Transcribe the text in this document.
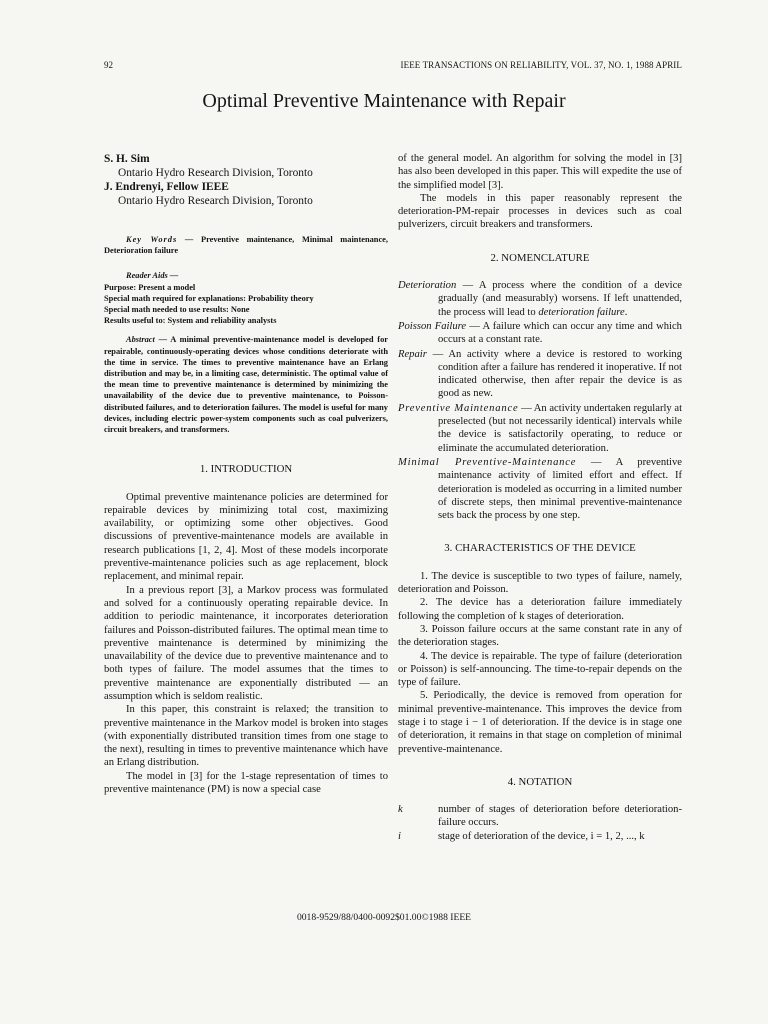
92	IEEE TRANSACTIONS ON RELIABILITY, VOL. 37, NO. 1, 1988 APRIL
Optimal Preventive Maintenance with Repair
S. H. Sim
Ontario Hydro Research Division, Toronto
J. Endrenyi, Fellow IEEE
Ontario Hydro Research Division, Toronto

Key Words — Preventive maintenance, Minimal maintenance, Deterioration failure

Reader Aids —
Purpose: Present a model
Special math required for explanations: Probability theory
Special math needed to use results: None
Results useful to: System and reliability analysts

Abstract — A minimal preventive-maintenance model is developed for repairable, continuously-operating devices whose conditions deteriorate with the time in service. The times to preventive maintenance have an Erlang distribution and may be, in a limiting case, deterministic. The optimal value of the mean time to preventive maintenance is determined by minimizing the unavailability of the device due to preventive maintenance, to Poisson-distributed failures, and to deterioration failures. The model is useful for many devices, including electric power-system components such as coal pulverizers, circuit breakers, and transformers.

1. INTRODUCTION

Optimal preventive maintenance policies are determined for repairable devices by minimizing total cost, maximizing availability, or optimizing some other objectives. Good discussions of preventive-maintenance models are available in research publications [1, 2, 4]. Most of these models incorporate preventive-maintenance policies such as age replacement, block replacement, and minimal repair.

In a previous report [3], a Markov process was formulated and solved for a continuously operating repairable device. In addition to periodic maintenance, it incorporates deterioration failures and Poisson-distributed failures. The optimal mean time to preventive maintenance is determined by minimizing the unavailability of the device due to preventive maintenance and to both types of failure. The model assumes that the times to preventive maintenance are exponentially distributed — an assumption which is seldom realistic.

In this paper, this constraint is relaxed; the transition to preventive maintenance in the Markov model is broken into stages (with exponentially distributed transition times from one stage to the next), resulting in times to preventive maintenance which have an Erlang distribution.

The model in [3] for the 1-stage representation of times to preventive maintenance (PM) is now a special case

of the general model. An algorithm for solving the model in [3] has also been developed in this paper. This will expedite the use of the simplified model [3].

The models in this paper reasonably represent the deterioration-PM-repair processes in devices such as coal pulverizers, circuit breakers and transformers.

2. NOMENCLATURE

Deterioration — A process where the condition of a device gradually (and measurably) worsens. If left unattended, the process will lead to deterioration failure.

Poisson Failure — A failure which can occur any time and which occurs at a constant rate.

Repair — An activity where a device is restored to working condition after a failure has rendered it inoperative. If not indicated otherwise, then after repair the device is as good as new.

Preventive Maintenance — An activity undertaken regularly at preselected (but not necessarily identical) intervals while the device is satisfactorily operating, to reduce or eliminate the accumulated deterioration.

Minimal Preventive-Maintenance — A preventive maintenance activity of limited effort and effect. If deterioration is modeled as occurring in a limited number of discrete steps, then minimal preventive-maintenance sets back the process by one step.

3. CHARACTERISTICS OF THE DEVICE

1. The device is susceptible to two types of failure, namely, deterioration and Poisson.

2. The device has a deterioration failure immediately following the completion of k stages of deterioration.

3. Poisson failure occurs at the same constant rate in any of the deterioration stages.

4. The device is repairable. The type of failure (deterioration or Poisson) is self-announcing. The time-to-repair depends on the type of failure.

5. Periodically, the device is removed from operation for minimal preventive-maintenance. This improves the device from stage i to stage i − 1 of deterioration. If the device is in stage one of deterioration, it remains in that stage on completion of minimal preventive-maintenance.

4. NOTATION
k	number of stages of deterioration before deterioration-failure occurs.
i	stage of deterioration of the device, i = 1, 2, ..., k
0018-9529/88/0400-0092$01.00©1988 IEEE
